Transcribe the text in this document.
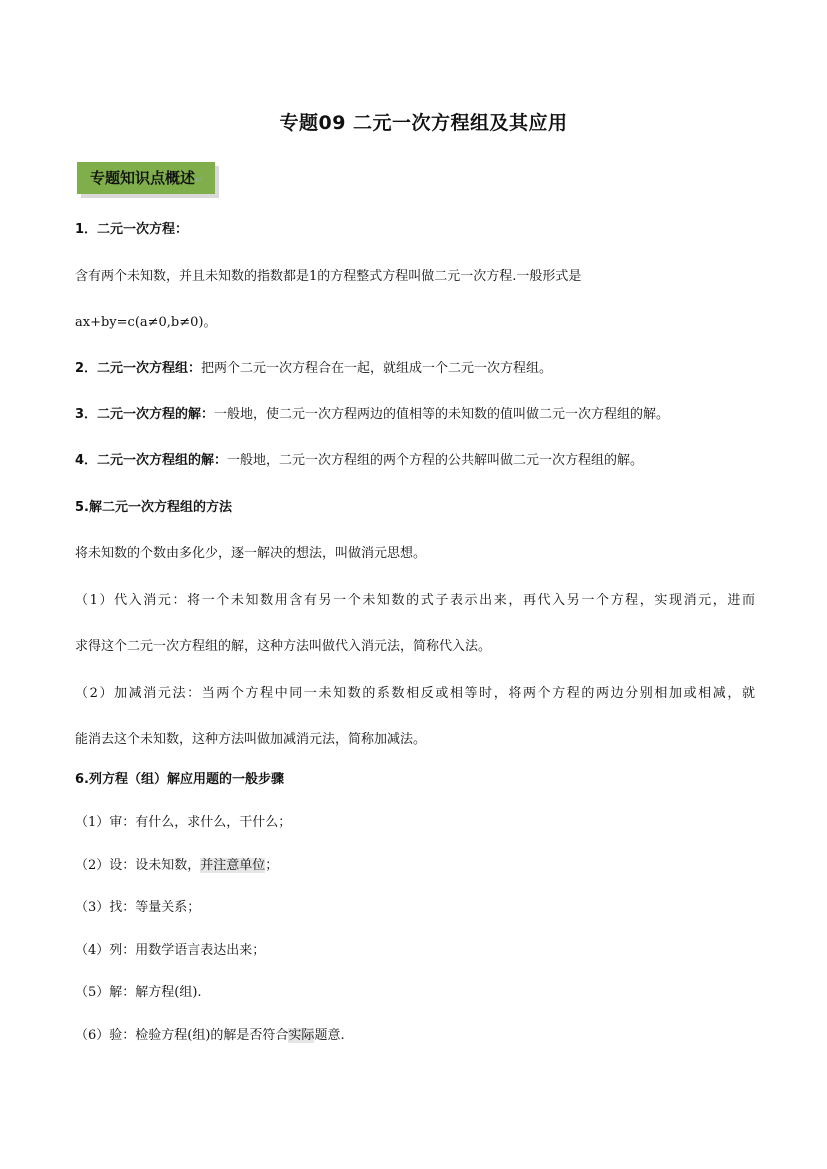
专题09 二元一次方程组及其应用
专题知识点概述↵
1．二元一次方程：
含有两个未知数，并且未知数的指数都是1的方程整式方程叫做二元一次方程.一般形式是
ax+by=c(a≠0,b≠0)。
2．二元一次方程组：把两个二元一次方程合在一起，就组成一个二元一次方程组。
3．二元一次方程的解：一般地，使二元一次方程两边的值相等的未知数的值叫做二元一次方程组的解。
4．二元一次方程组的解：一般地，二元一次方程组的两个方程的公共解叫做二元一次方程组的解。
5.解二元一次方程组的方法
将未知数的个数由多化少，逐一解决的想法，叫做消元思想。
（1）代入消元：将一个未知数用含有另一个未知数的式子表示出来，再代入另一个方程，实现消元，进而
求得这个二元一次方程组的解，这种方法叫做代入消元法，简称代入法。
（2）加减消元法：当两个方程中同一未知数的系数相反或相等时，将两个方程的两边分别相加或相减，就
能消去这个未知数，这种方法叫做加减消元法，简称加减法。
6.列方程（组）解应用题的一般步骤
（1）审：有什么，求什么，干什么；
（2）设：设未知数，并注意单位；
（3）找：等量关系；
（4）列：用数学语言表达出来；
（5）解：解方程(组).
（6）验：检验方程(组)的解是否符合实际题意.
